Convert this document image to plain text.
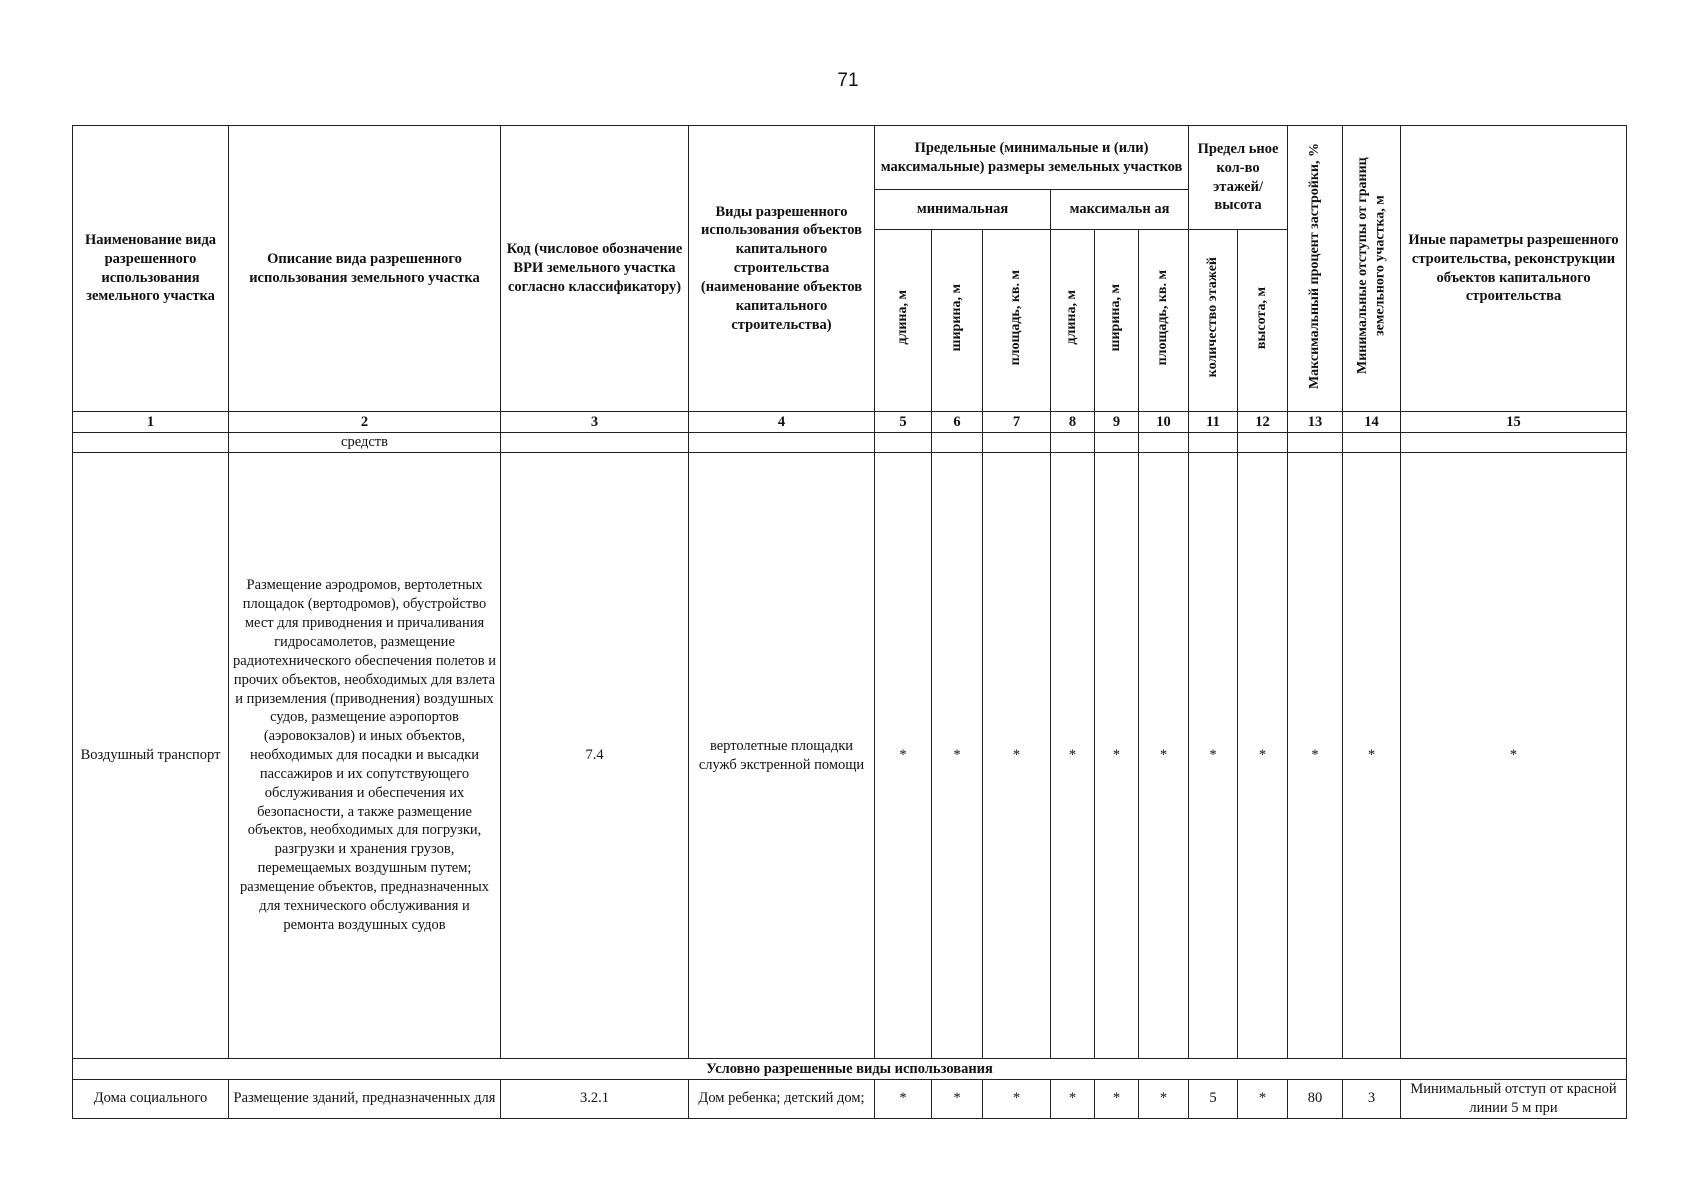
71
Наименование вида разрешенного использования земельного участка	Описание вида разрешенного использования земельного участка	Код (числовое обозначение ВРИ земельного участка согласно классификатору)	Виды разрешенного использования объектов капитального строительства (наименование объектов капитального строительства)	Предельные (минимальные и (или) максимальные) размеры земельных участков						Предел ьное кол-во этажей/ высота		Максимальный процент застройки, %	Минимальные отступы от границ земельного участка, м	Иные параметры разрешенного строительства, реконструкции объектов капитального строительства
				минимальная			максимальн ая							
				длина, м	ширина, м	площадь, кв. м	длина, м	ширина, м	площадь, кв. м	количество этажей	высота, м			
1	2	3	4	5	6	7	8	9	10	11	12	13	14	15
	средств													
Воздушный транспорт	Размещение аэродромов, вертолетных площадок (вертодромов), обустройство мест для приводнения и причаливания гидросамолетов, размещение радиотехнического обеспечения полетов и прочих объектов, необходимых для взлета и приземления (приводнения) воздушных судов, размещение аэропортов (аэровокзалов) и иных объектов, необходимых для посадки и высадки пассажиров и их сопутствующего обслуживания и обеспечения их безопасности, а также размещение объектов, необходимых для погрузки, разгрузки и хранения грузов, перемещаемых воздушным путем; размещение объектов, предназначенных для технического обслуживания и ремонта воздушных судов	7.4	вертолетные площадки служб экстренной помощи	*	*	*	*	*	*	*	*	*	*	*
Условно разрешенные виды использования														
Дома социального	Размещение зданий, предназначенных для	3.2.1	Дом ребенка; детский дом;	*	*	*	*	*	*	5	*	80	3	Минимальный отступ от красной линии 5 м при
